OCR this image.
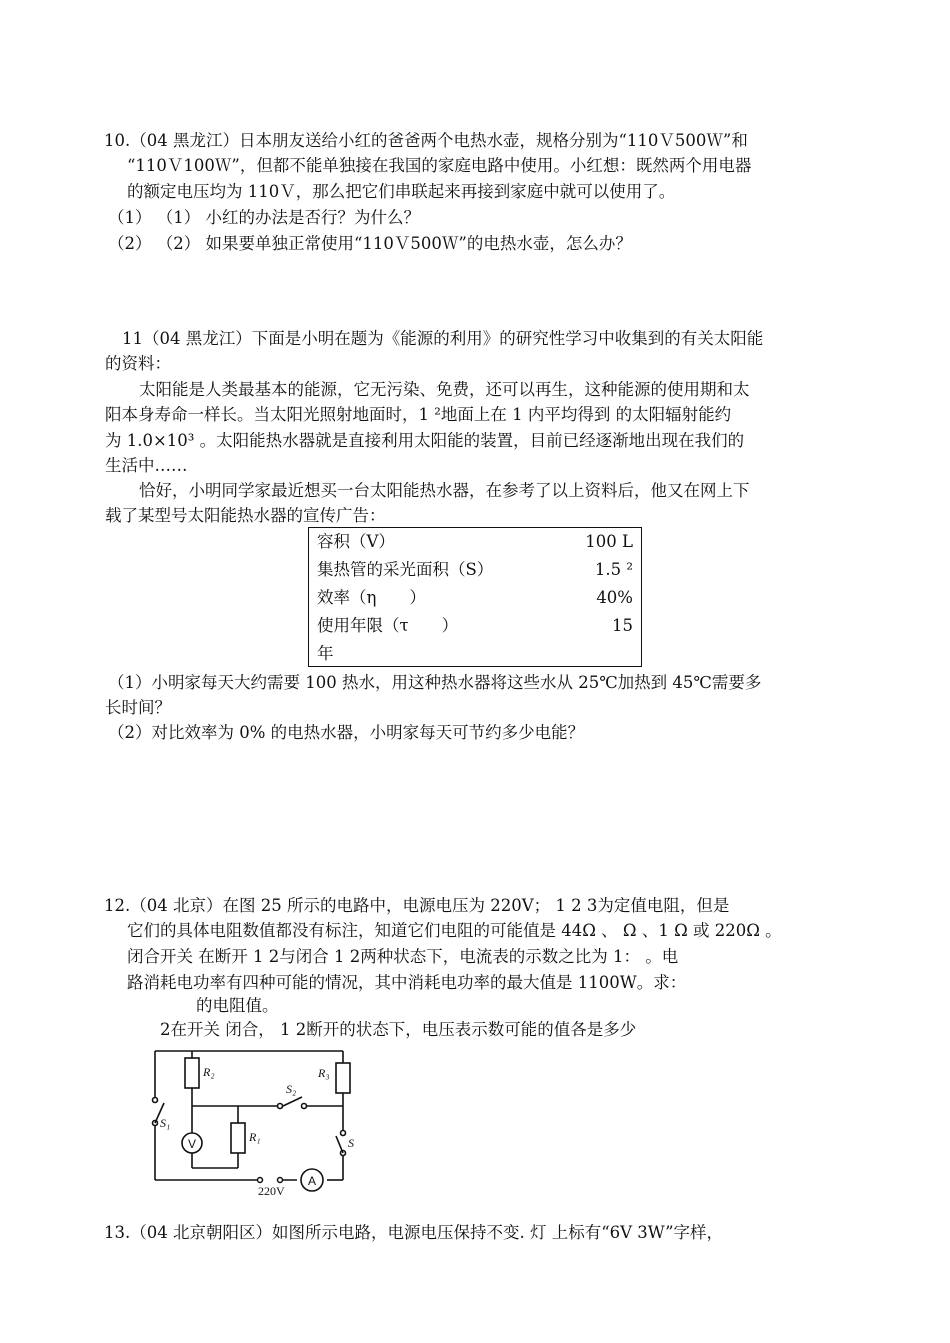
10.（04 黑龙江）日本朋友送给小红的爸爸两个电热水壶，规格分别为“110Ｖ500Ｗ”和
“110Ｖ100Ｗ”，但都不能单独接在我国的家庭电路中使用。小红想：既然两个用电器
的额定电压均为 110Ｖ，那么把它们串联起来再接到家庭中就可以使用了。
（1） （1） 小红的办法是否行？为什么？
（2） （2） 如果要单独正常使用“110Ｖ500Ｗ”的电热水壶，怎么办？
11（04 黑龙江）下面是小明在题为《能源的利用》的研究性学习中收集到的有关太阳能
的资料：
太阳能是人类最基本的能源，它无污染、免费，还可以再生，这种能源的使用期和太
阳本身寿命一样长。当太阳光照射地面时，1 ²地面上在 1 内平均得到 的太阳辐射能约
为 1.0×10³ 。太阳能热水器就是直接利用太阳能的装置，目前已经逐渐地出现在我们的
生活中……
恰好，小明同学家最近想买一台太阳能热水器，在参考了以上资料后，他又在网上下
载了某型号太阳能热水器的宣传广告：
容积（V）	100 L
集热管的采光面积（S）	1.5 ²
效率（η　　）	40%
使用年限（τ　　）	15
年
（1）小明家每天大约需要 100 热水，用这种热水器将这些水从 25℃加热到 45℃需要多
长时间？
（2）对比效率为 0% 的电热水器，小明家每天可节约多少电能？
12.（04 北京）在图 25 所示的电路中，电源电压为 220V； 1 2 3为定值电阻，但是
它们的具体电阻数值都没有标注，知道它们电阻的可能值是 44Ω 、 Ω 、1 Ω 或 220Ω 。
闭合开关 在断开 1 2与闭合 1 2两种状态下，电流表的示数之比为 1： 。电
路消耗电功率有四种可能的情况，其中消耗电功率的最大值是 1100W。求：
的电阻值。
2在开关 闭合， 1 2断开的状态下，电压表示数可能的值各是多少
V
A
R₂	R₃
R₁
S₂
S₁
S
220V
13.（04 北京朝阳区）如图所示电路，电源电压保持不变. 灯 上标有“6V 3W”字样，
